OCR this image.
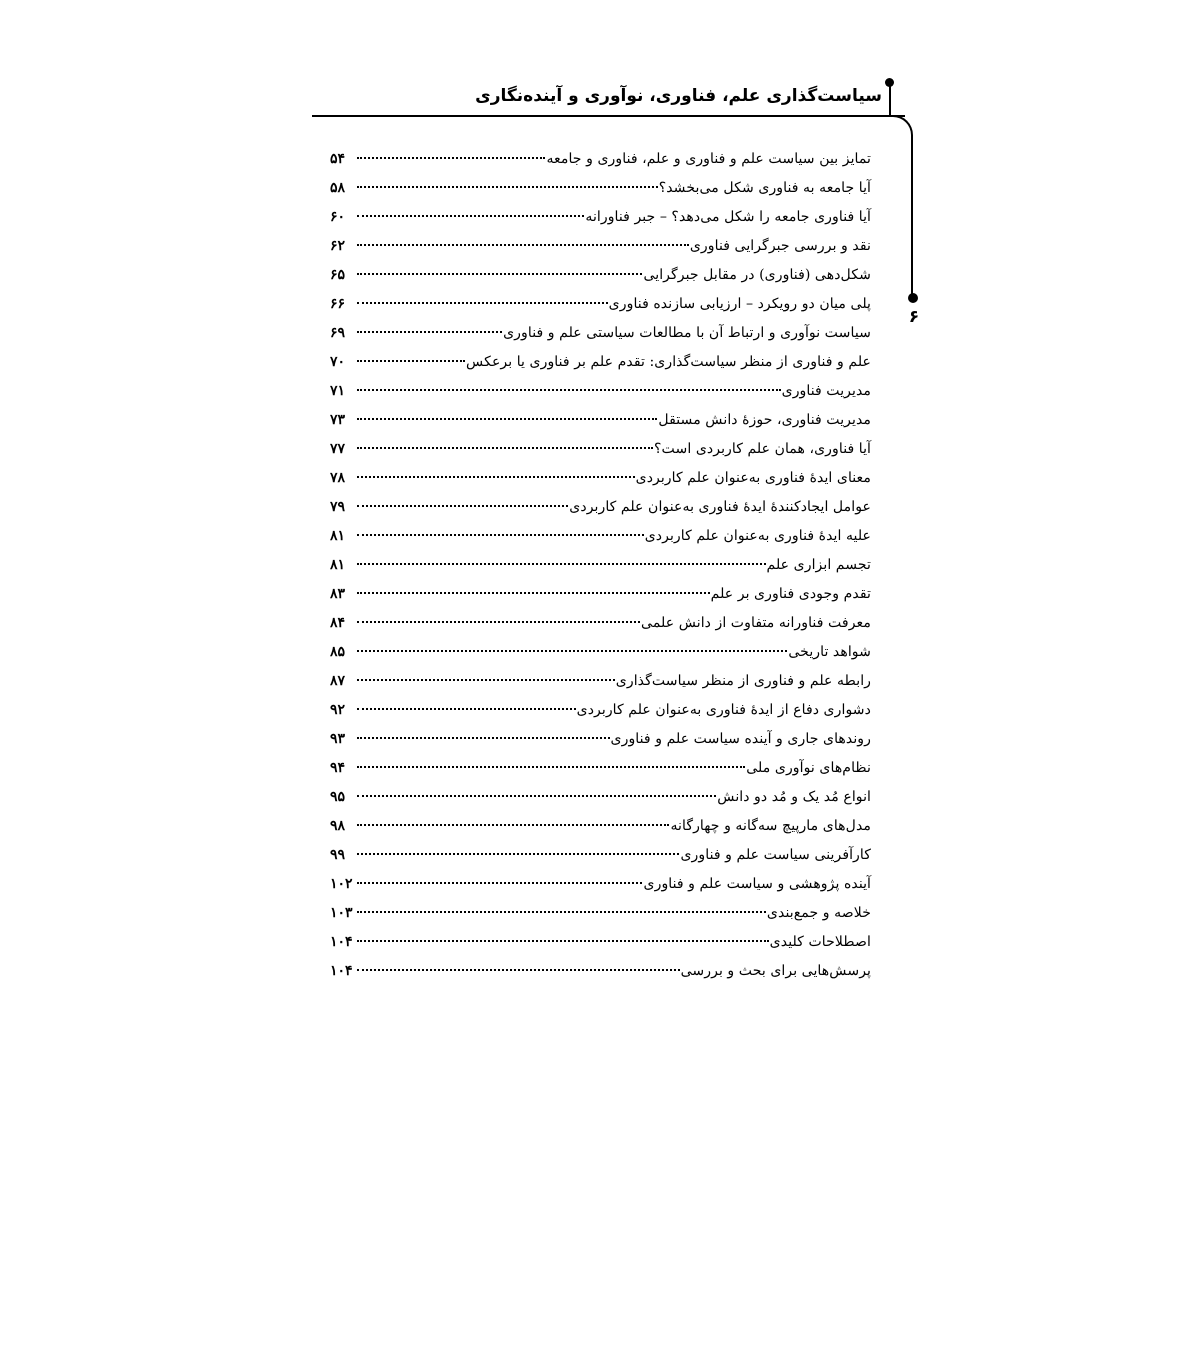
سیاست‌گذاری علم، فناوری، نوآوری و آینده‌نگاری
۶
تمایز بین سیاست علم و فناوری و علم، فناوری و جامعه
۵۴
آیا جامعه به فناوری شکل می‌بخشد؟
۵۸
آیا فناوری جامعه را شکل می‌دهد؟ – جبر فناورانه
۶۰
نقد و بررسی جبرگرایی فناوری
۶۲
شکل‌دهی (فناوری) در مقابل جبرگرایی
۶۵
پلی میان دو رویکرد – ارزیابی سازنده فناوری
۶۶
سیاست نوآوری و ارتباط آن با مطالعات سیاستی علم و فناوری
۶۹
علم و فناوری از منظر سیاست‌گذاری: تقدم علم بر فناوری یا برعکس
۷۰
مدیریت فناوری
۷۱
مدیریت فناوری، حوزهٔ دانش مستقل
۷۳
آیا فناوری، همان علم کاربردی است؟
۷۷
معنای ایدهٔ فناوری به‌عنوان علم کاربردی
۷۸
عوامل ایجادکنندهٔ ایدهٔ فناوری به‌عنوان علم کاربردی
۷۹
علیه ایدهٔ فناوری به‌عنوان علم کاربردی
۸۱
تجسم ابزاری علم
۸۱
تقدم وجودی فناوری بر علم
۸۳
معرفت فناورانه متفاوت از دانش علمی
۸۴
شواهد تاریخی
۸۵
رابطه علم و فناوری از منظر سیاست‌گذاری
۸۷
دشواری دفاع از ایدهٔ فناوری به‌عنوان علم کاربردی
۹۲
روندهای جاری و آینده سیاست علم و فناوری
۹۳
نظام‌های نوآوری ملی
۹۴
انواع مُد یک و مُد دو دانش
۹۵
مدل‌های مارپیچ سه‌گانه و چهارگانه
۹۸
کارآفرینی سیاست علم و فناوری
۹۹
آینده پژوهشی و سیاست علم و فناوری
۱۰۲
خلاصه و جمع‌بندی
۱۰۳
اصطلاحات کلیدی
۱۰۴
پرسش‌هایی برای بحث و بررسی
۱۰۴
